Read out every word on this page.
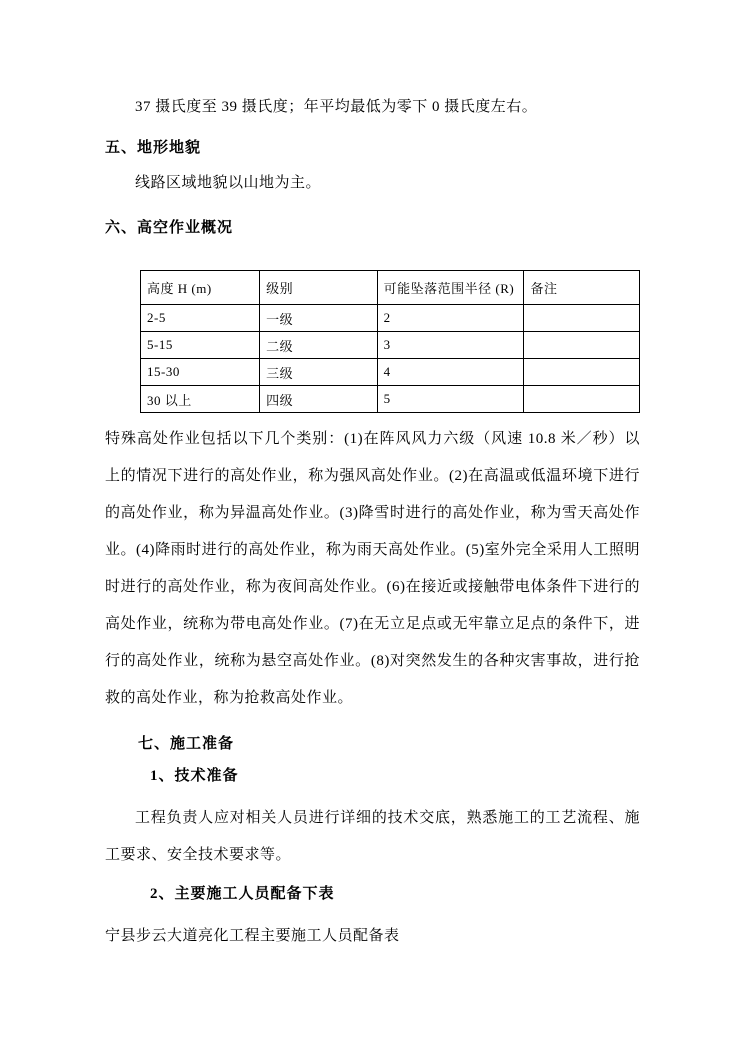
37 摄氏度至 39 摄氏度；年平均最低为零下 0 摄氏度左右。

五、地形地貌

线路区域地貌以山地为主。

六、高空作业概况
高度 H (m)	级别	可能坠落范围半径 (R)	备注
2-5	一级	2	
5-15	二级	3	
15-30	三级	4	
30 以上	四级	5	

特殊高处作业包括以下几个类别：(1)在阵风风力六级（风速 10.8 米／秒）以上的情况下进行的高处作业，称为强风高处作业。(2)在高温或低温环境下进行的高处作业，称为异温高处作业。(3)降雪时进行的高处作业，称为雪天高处作业。(4)降雨时进行的高处作业，称为雨天高处作业。(5)室外完全采用人工照明时进行的高处作业，称为夜间高处作业。(6)在接近或接触带电体条件下进行的高处作业，统称为带电高处作业。(7)在无立足点或无牢靠立足点的条件下，进行的高处作业，统称为悬空高处作业。(8)对突然发生的各种灾害事故，进行抢救的高处作业，称为抢救高处作业。

七、施工准备
1、技术准备

工程负责人应对相关人员进行详细的技术交底，熟悉施工的工艺流程、施工要求、安全技术要求等。

2、主要施工人员配备下表

宁县步云大道亮化工程主要施工人员配备表
